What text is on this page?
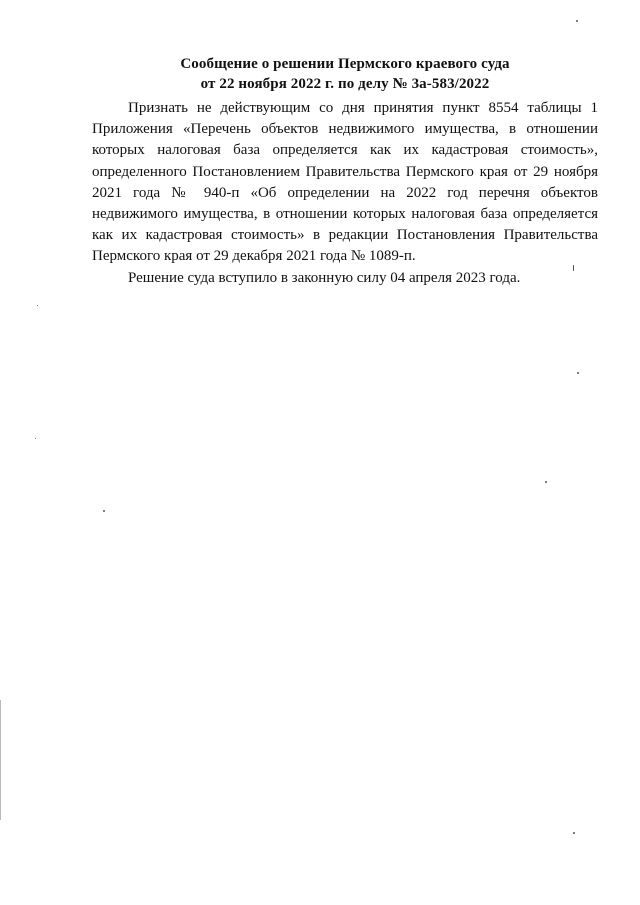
Сообщение о решении Пермского краевого суда
от 22 ноября 2022 г. по делу № 3а-583/2022

Признать не действующим со дня принятия пункт 8554 таблицы 1 Приложения «Перечень объектов недвижимого имущества, в отношении которых налоговая база определяется как их кадастровая стоимость», определенного Постановлением Правительства Пермского края от 29 ноября 2021 года № 940-п «Об определении на 2022 год перечня объектов недвижимого имущества, в отношении которых налоговая база определяется как их кадастровая стоимость» в редакции Постановления Правительства Пермского края от 29 декабря 2021 года № 1089-п.

Решение суда вступило в законную силу 04 апреля 2023 года.
